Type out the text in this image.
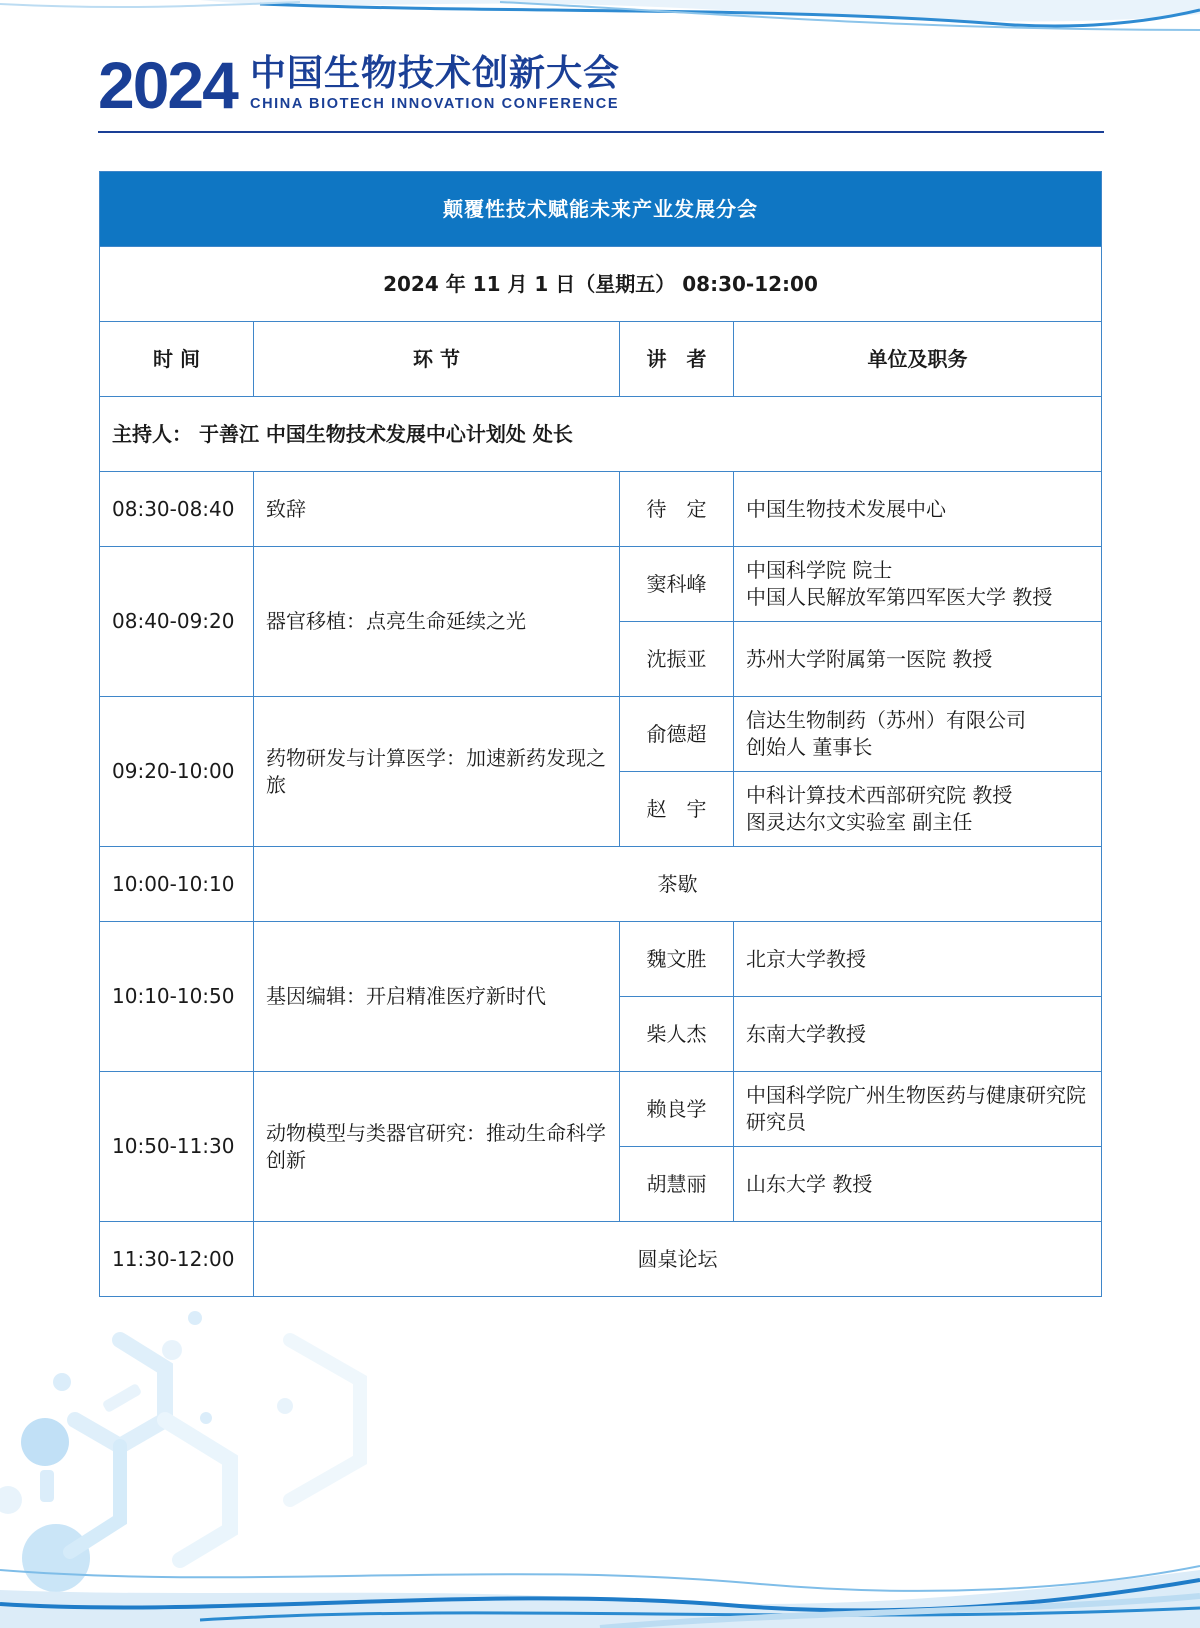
2024 中国生物技术创新大会
CHINA BIOTECH INNOVATION CONFERENCE
颠覆性技术赋能未来产业发展分会			
2024 年 11 月 1 日（星期五） 08:30-12:00			
时 间	环 节	讲　者	单位及职务
主持人： 于善江 中国生物技术发展中心计划处 处长			
08:30-08:40	致辞	待　定	中国生物技术发展中心
08:40-09:20	器官移植：点亮生命延续之光	窦科峰	中国科学院 院士
中国人民解放军第四军医大学 教授

		沈振亚	苏州大学附属第一医院 教授
09:20-10:00	药物研发与计算医学：加速新药发现之旅	俞德超	信达生物制药（苏州）有限公司
创始人 董事长

		赵　宇	中科计算技术西部研究院 教授
图灵达尔文实验室 副主任

10:00-10:10	茶歇		
10:10-10:50	基因编辑：开启精准医疗新时代	魏文胜	北京大学教授
		柴人杰	东南大学教授
10:50-11:30	动物模型与类器官研究：推动生命科学创新	赖良学	中国科学院广州生物医药与健康研究院 研究员
		胡慧丽	山东大学 教授
11:30-12:00	圆桌论坛		
